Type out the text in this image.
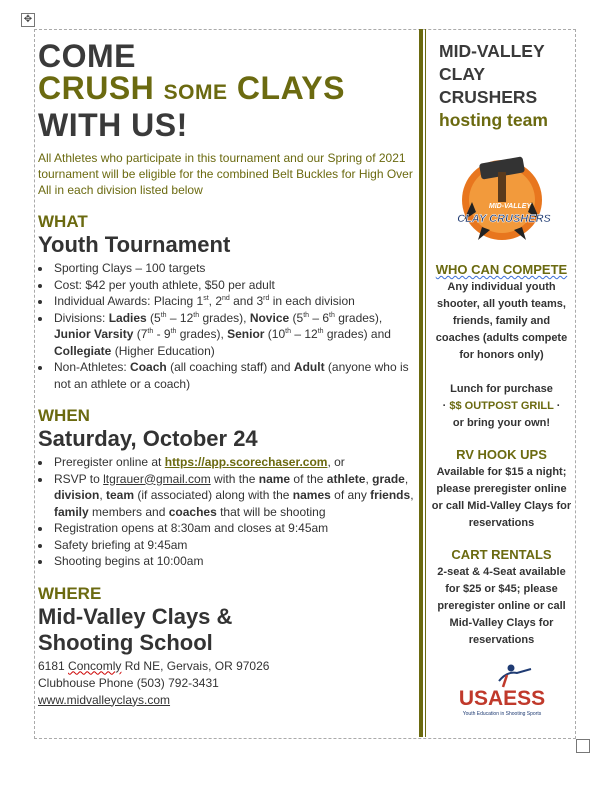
✥
COME
CRUSH SOME CLAYS
WITH US!
All Athletes who participate in this tournament and our Spring of 2021 tournament will be eligible for the combined Belt Buckles for High Over All in each division listed below
WHAT
Youth Tournament
• Sporting Clays – 100 targets
• Cost: $42 per youth athlete, $50 per adult
• Individual Awards: Placing 1st, 2nd and 3rd in each division
• Divisions: Ladies (5th – 12th grades), Novice (5th – 6th grades), Junior Varsity (7th - 9th grades), Senior (10th – 12th grades) and Collegiate (Higher Education)
• Non-Athletes: Coach (all coaching staff) and Adult (anyone who is not an athlete or a coach)
WHEN
Saturday, October 24
• Preregister online at https://app.scorechaser.com, or
• RSVP to ltgrauer@gmail.com with the name of the athlete, grade, division, team (if associated) along with the names of any friends, family members and coaches that will be shooting
• Registration opens at 8:30am and closes at 9:45am
• Safety briefing at 9:45am
• Shooting begins at 10:00am
WHERE
Mid-Valley Clays &
Shooting School
6181 Concomly Rd NE, Gervais, OR 97026
Clubhouse Phone (503) 792-3431
www.midvalleyclays.com
MID-VALLEY
CLAY
CRUSHERS
hosting team
MID-VALLEY
CLAY CRUSHERS
WHO CAN COMPETE
Any individual youth shooter, all youth teams, friends, family and coaches (adults compete for honors only)
Lunch for purchase
· $$ OUTPOST GRILL ·
or bring your own!
RV HOOK UPS
Available for $15 a night; please preregister online or call Mid-Valley Clays for reservations
CART RENTALS
2-seat & 4-Seat available for $25 or $45; please preregister online or call Mid-Valley Clays for reservations
USAESS
Youth Education in Shooting Sports
